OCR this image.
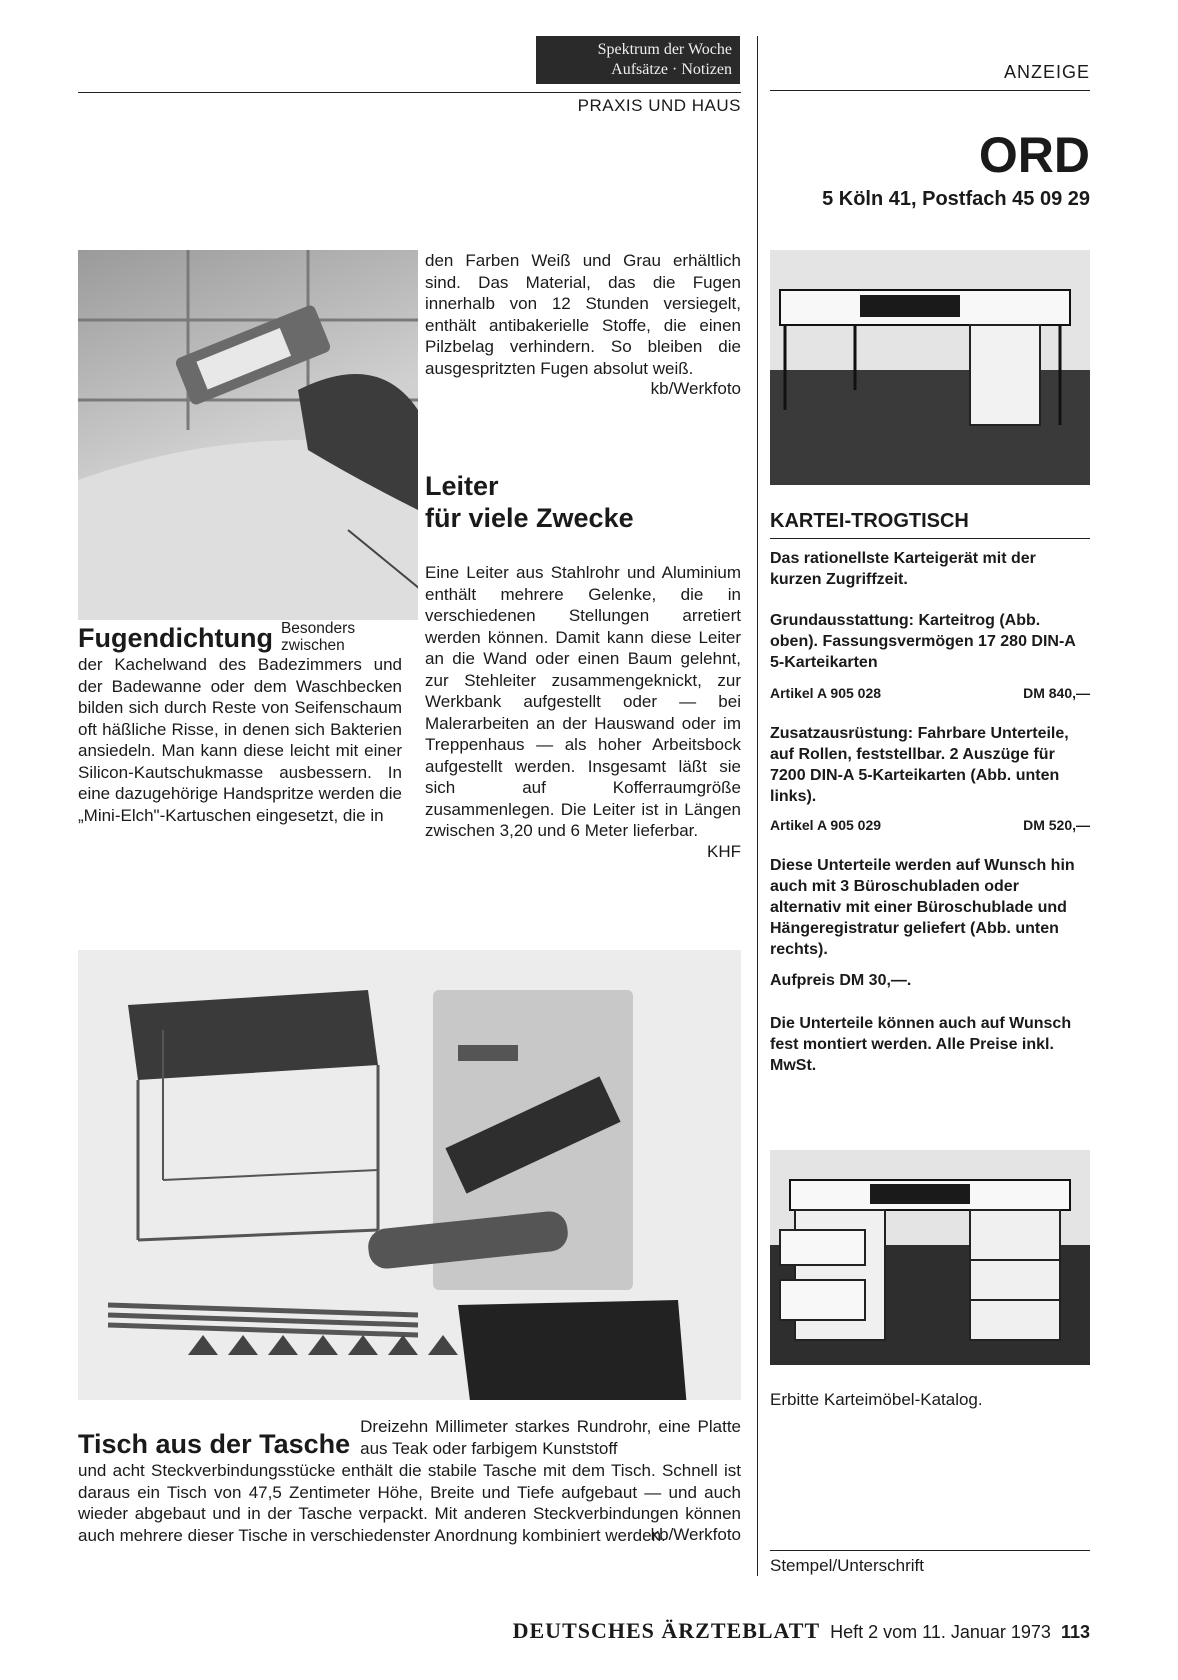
Spektrum der Woche
Aufsätze · Notizen
PRAXIS UND HAUS
ANZEIGE
ORD
5 Köln 41, Postfach 45 09 29
Fugendichtung Besonders zwischen

der Kachelwand des Badezimmers und der Badewanne oder dem Waschbecken bilden sich durch Reste von Seifenschaum oft häßliche Risse, in denen sich Bakterien ansiedeln. Man kann diese leicht mit einer Silicon-Kautschukmasse ausbessern. In eine dazugehörige Handspritze werden die „Mini-Elch"-Kartuschen eingesetzt, die in

den Farben Weiß und Grau erhältlich sind. Das Material, das die Fugen innerhalb von 12 Stunden versiegelt, enthält antibakerielle Stoffe, die einen Pilzbelag verhindern. So bleiben die ausgespritzten Fugen absolut weiß.

kb/Werkfoto
Leiter
für viele Zwecke

Eine Leiter aus Stahlrohr und Aluminium enthält mehrere Gelenke, die in verschiedenen Stellungen arretiert werden können. Damit kann diese Leiter an die Wand oder einen Baum gelehnt, zur Stehleiter zusammengeknickt, zur Werkbank aufgestellt oder — bei Malerarbeiten an der Hauswand oder im Treppenhaus — als hoher Arbeitsbock aufgestellt werden. Insgesamt läßt sie sich auf Kofferraumgröße zusammenlegen. Die Leiter ist in Längen zwischen 3,20 und 6 Meter lieferbar.

KHF
Tisch aus der Tasche
Dreizehn Millimeter starkes Rundrohr, eine Platte aus Teak oder farbigem Kunststoff

und acht Steckverbindungsstücke enthält die stabile Tasche mit dem Tisch. Schnell ist daraus ein Tisch von 47,5 Zentimeter Höhe, Breite und Tiefe aufgebaut — und auch wieder abgebaut und in der Tasche verpackt. Mit anderen Steckverbindungen können auch mehrere dieser Tische in verschiedenster Anordnung kombiniert werden.

kb/Werkfoto
KARTEI-TROGTISCH

Das rationellste Karteigerät mit der kurzen Zugriffzeit.

Grundausstattung: Karteitrog (Abb. oben). Fassungsvermögen 17 280 DIN-A 5-Karteikarten

Artikel A 905 028	DM 840,—

Zusatzausrüstung: Fahrbare Unterteile, auf Rollen, feststellbar. 2 Auszüge für 7200 DIN-A 5-Karteikarten (Abb. unten links).

Artikel A 905 029	DM 520,—

Diese Unterteile werden auf Wunsch hin auch mit 3 Büroschubladen oder alternativ mit einer Büroschublade und Hängeregistratur geliefert (Abb. unten rechts).

Aufpreis DM 30,—.

Die Unterteile können auch auf Wunsch fest montiert werden. Alle Preise inkl. MwSt.

Erbitte Karteimöbel-Katalog.
Stempel/Unterschrift
DEUTSCHES ÄRZTEBLATT Heft 2 vom 11. Januar 1973 113
